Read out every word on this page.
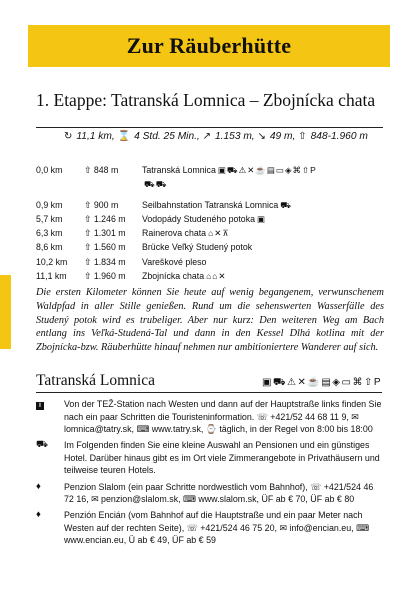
Zur Räuberhütte
1. Etappe: Tatranská Lomnica – Zbojnícka chata
↻ 11,1 km, ⌛ 4 Std. 25 Min., ↗ 1.153 m, ↘ 49 m, ⇧ 848-1.960 m
0,0 km ⇧ 848 m	Tatranská Lomnica ▣⛟⚠✕☕▤▭◈⌘⇧P
⛟⛟
0,9 km ⇧ 900 m	Seilbahnstation Tatranská Lomnica ⛟
5,7 km ⇧ 1.246 m Vodopády Studeného potoka ▣
6,3 km ⇧ 1.301 m Rainerova chata ⌂✕⊼
8,6 km ⇧ 1.560 m Brücke Veľký Studený potok
10,2 km ⇧ 1.834 m Vareškové pleso
11,1 km ⇧ 1.960 m Zbojnícka chata ⌂⌂✕
Die ersten Kilometer können Sie heute auf wenig begangenem, verwunschenem Waldpfad in aller Stille genießen. Rund um die sehenswerten Wasserfälle des Studený potok wird es trubeliger. Aber nur kurz: Den weiteren Weg am Bach entlang ins Veľká-Studená-Tal und dann in den Kessel Dlhá kotlina mit der Zbojnícka-bzw. Räuberhütte hinauf nehmen nur ambitioniertere Wanderer auf sich.
Tatranská Lomnica	▣⛟⚠✕☕▤◈▭⌘⇧P
i	Von der TEŽ-Station nach Westen und dann auf der Hauptstraße links finden Sie nach ein paar Schritten die Touristeninformation. ☏ +421/52 44 68 11 9, ✉ lomnica@tatry.sk, ⌨ www.tatry.sk, ⌚ täglich, in der Regel von 8:00 bis 18:00
⛟ Im Folgenden finden Sie eine kleine Auswahl an Pensionen und ein günstiges Hotel. Darüber hinaus gibt es im Ort viele Zimmerangebote in Privathäusern und teilweise teuren Hotels.
♦	Penzion Slalom (ein paar Schritte nordwestlich vom Bahnhof), ☏ +421/524 46 72 16, ✉ penzion@slalom.sk, ⌨ www.slalom.sk, ÜF ab € 70, ÜF ab € 80
♦	Penzión Encián (vom Bahnhof auf die Hauptstraße und ein paar Meter nach Westen auf der rechten Seite), ☏ +421/524 46 75 20, ✉ info@encian.eu, ⌨ www.encian.eu, Ü ab € 49, ÜF ab € 59
